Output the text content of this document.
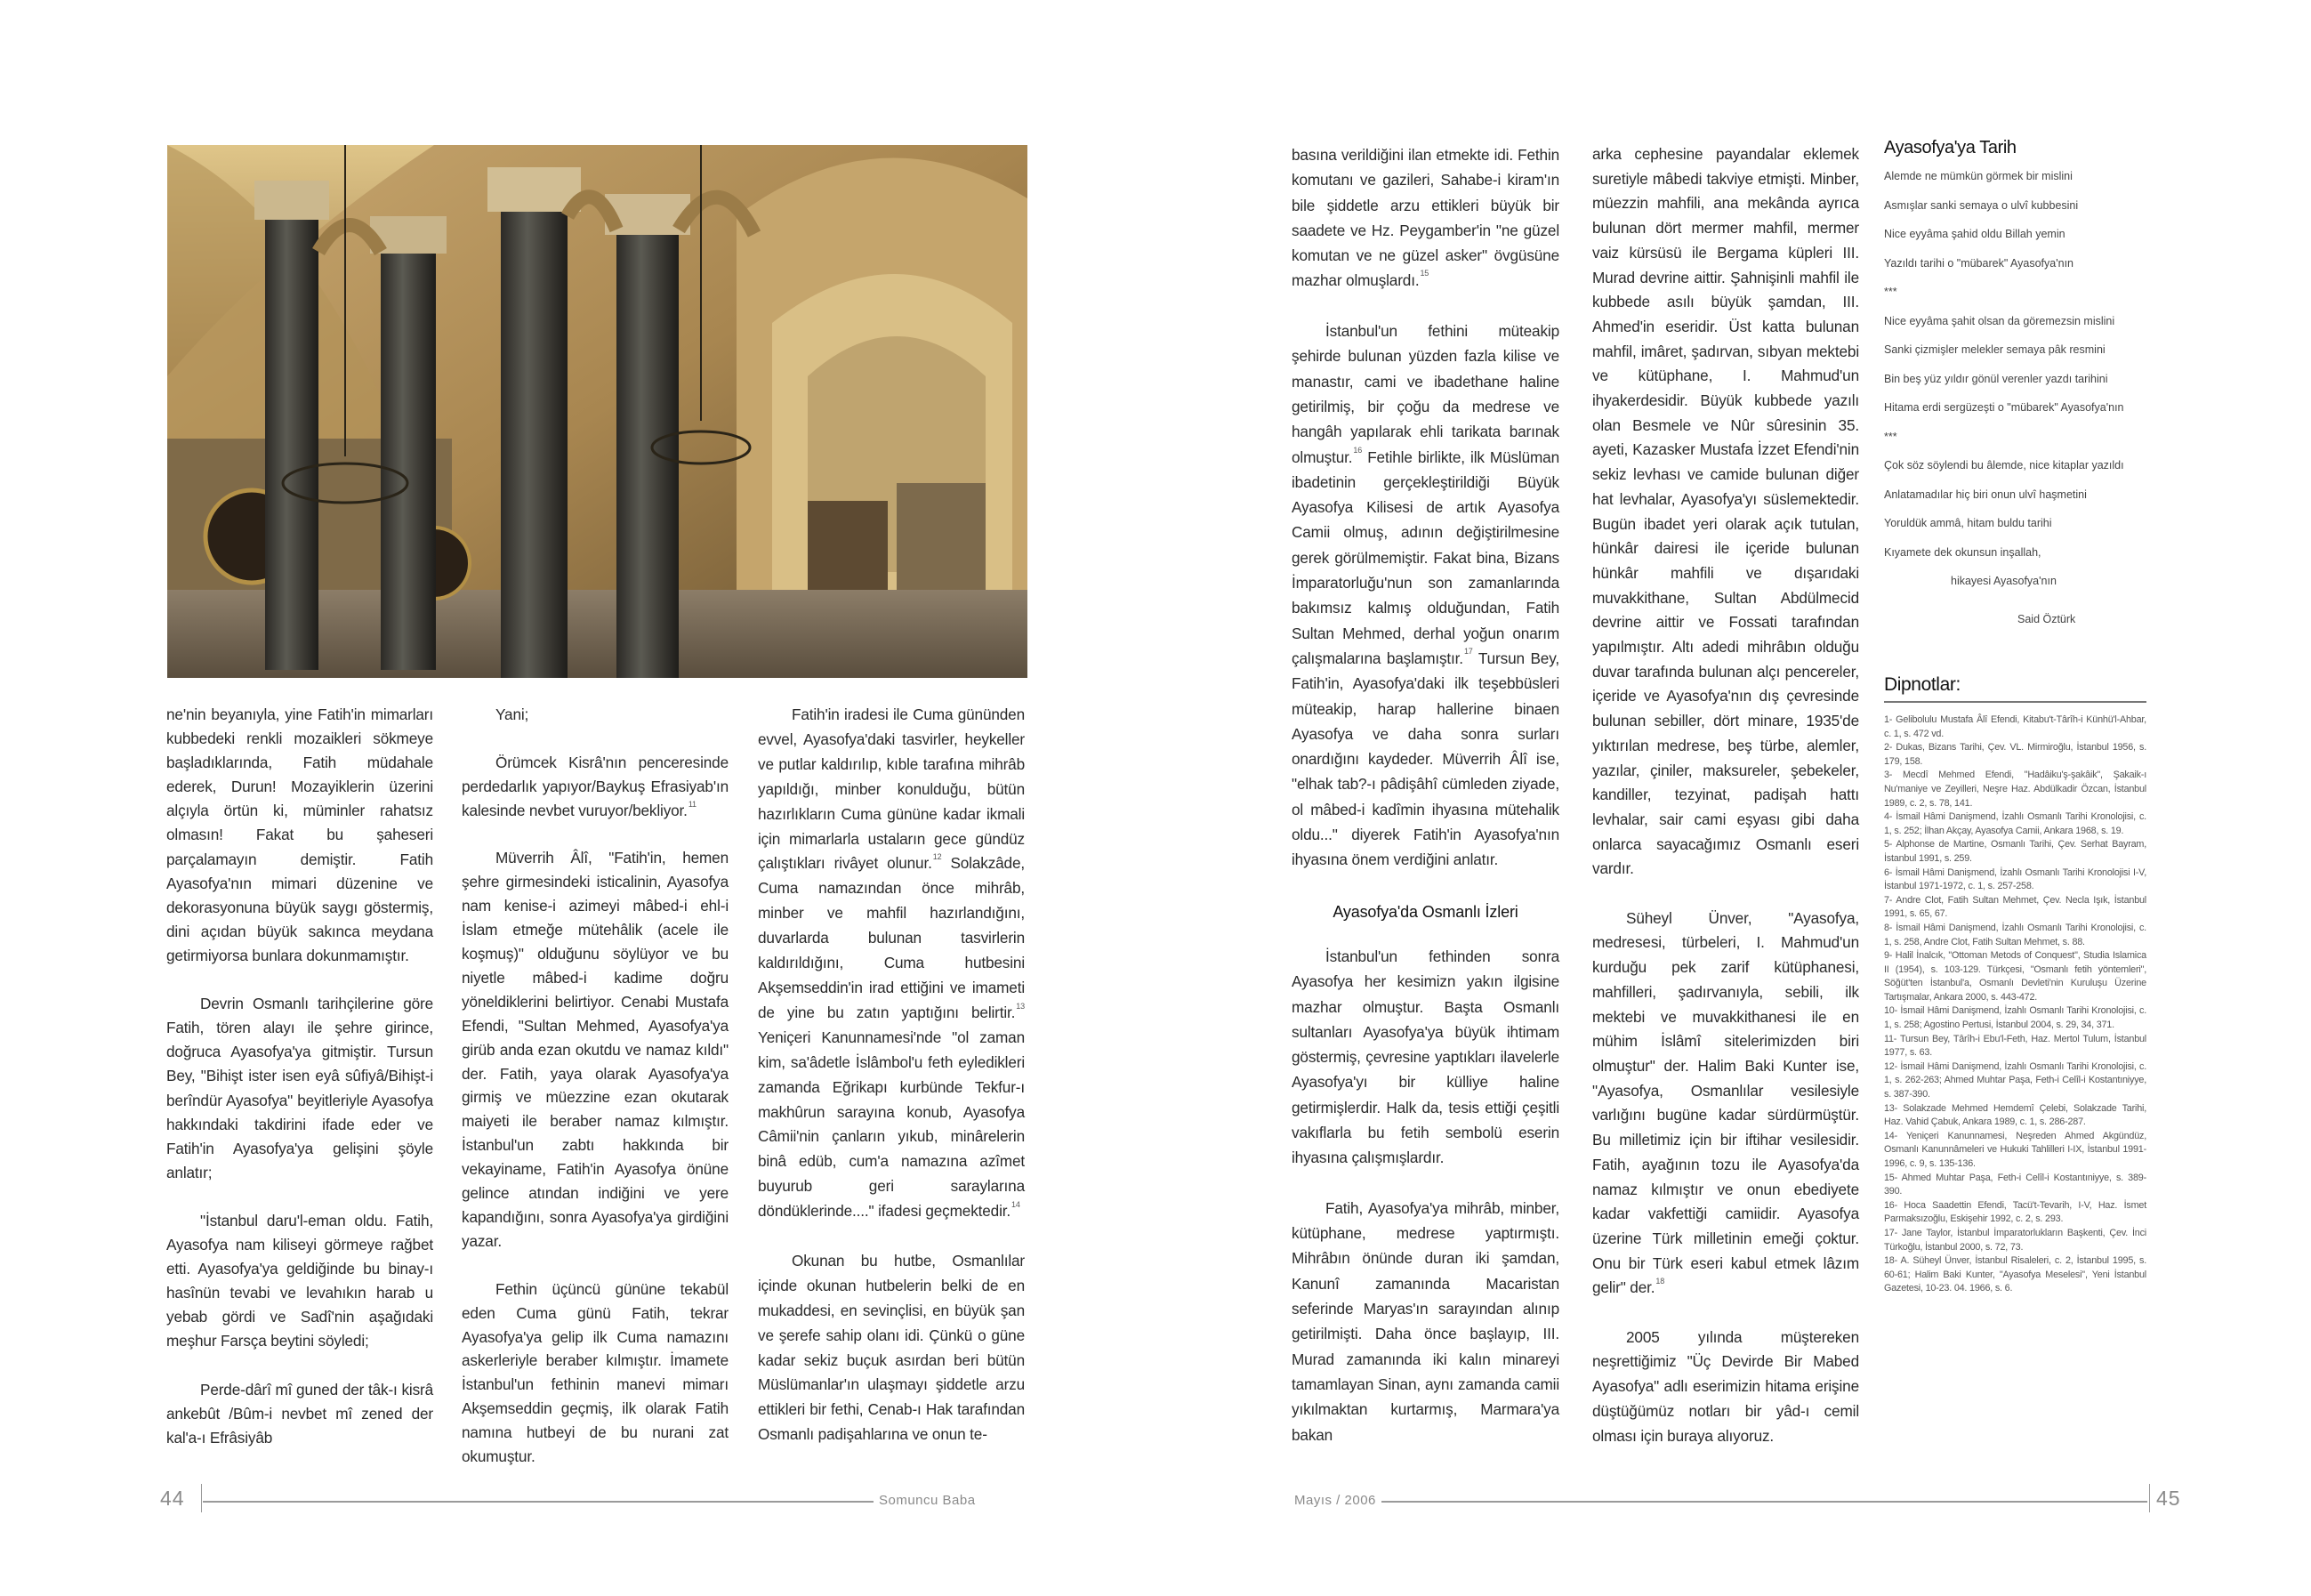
ne'nin beyanıyla, yine Fatih'in mimarları kubbedeki renkli mozaikleri sökmeye başladıklarında, Fatih müdahale ederek, Durun! Mozayiklerin üzerini alçıyla örtün ki, müminler rahatsız olmasın! Fakat bu şaheseri parçalamayın demiştir. Fatih Ayasofya'nın mimari düzenine ve dekorasyonuna büyük saygı göstermiş, dini açıdan büyük sakınca meydana getirmiyorsa bunlara dokunmamıştır.

Devrin Osmanlı tarihçilerine göre Fatih, tören alayı ile şehre girince, doğruca Ayasofya'ya gitmiştir. Tursun Bey, "Bihişt ister isen eyâ sûfiyâ/Bihişt-i berîndür Ayasofya" beyitleriyle Ayasofya hakkındaki takdirini ifade eder ve Fatih'in Ayasofya'ya gelişini şöyle anlatır;

"İstanbul daru'l-eman oldu. Fatih, Ayasofya nam kiliseyi görmeye rağbet etti. Ayasofya'ya geldiğinde bu binay-ı hasînün tevabi ve levahıkın harab u yebab gördi ve Sadî'nin aşağıdaki meşhur Farsça beytini söyledi;

Perde-dârî mî guned der tâk-ı kisrâ ankebût /Bûm-i nevbet mî zened der kal'a-ı Efrâsiyâb

Yani;

Örümcek Kisrâ'nın penceresinde perdedarlık yapıyor/Baykuş Efrasiyab'ın kalesinde nevbet vuruyor/bekliyor.$^{11}$

Müverrih Âlî, "Fatih'in, hemen şehre girmesindeki isticalinin, Ayasofya nam kenise-i azimeyi mâbed-i ehl-i İslam etmeğe mütehâlik (acele ile koşmuş)" olduğunu söylüyor ve bu niyetle mâbed-i kadime doğru yöneldiklerini belirtiyor. Cenabi Mustafa Efendi, "Sultan Mehmed, Ayasofya'ya girüb anda ezan okutdu ve namaz kıldı" der. Fatih, yaya olarak Ayasofya'ya girmiş ve müezzine ezan okutarak maiyeti ile beraber namaz kılmıştır. İstanbul'un zabtı hakkında bir vekayiname, Fatih'in Ayasofya önüne gelince atından indiğini ve yere kapandığını, sonra Ayasofya'ya girdiğini yazar.

Fethin üçüncü gününe tekabül eden Cuma günü Fatih, tekrar Ayasofya'ya gelip ilk Cuma namazını askerleriyle beraber kılmıştır. İmamete İstanbul'un fethinin manevi mimarı Akşemseddin geçmiş, ilk olarak Fatih namına hutbeyi de bu nurani zat okumuştur.

Fatih'in iradesi ile Cuma gününden evvel, Ayasofya'daki tasvirler, heykeller ve putlar kaldırılıp, kıble tarafına mihrâb yapıldığı, minber konulduğu, bütün hazırlıkların Cuma gününe kadar ikmali için mimarlarla ustaların gece gündüz çalıştıkları rivâyet olunur.$^{12}$ Solakzâde, Cuma namazından önce mihrâb, minber ve mahfil hazırlandığını, duvarlarda bulunan tasvirlerin kaldırıldığını, Cuma hutbesini Akşemseddin'in irad ettiğini ve imameti de yine bu zatın yaptığını belirtir.$^{13}$ Yeniçeri Kanunnamesi'nde "ol zaman kim, sa'âdetle İslâmbol'u feth eyledikleri zamanda Eğrikapı kurbünde Tekfur-ı makhûrun sarayına konub, Ayasofya Câmii'nin çanların yıkub, minârelerin binâ edüb, cum'a namazına azîmet buyurub geri saraylarına döndüklerinde...." ifadesi geçmektedir.$^{14}$

Okunan bu hutbe, Osmanlılar içinde okunan hutbelerin belki de en mukaddesi, en sevinçlisi, en büyük şan ve şerefe sahip olanı idi. Çünkü o güne kadar sekiz buçuk asırdan beri bütün Müslümanlar'ın ulaşmayı şiddetle arzu ettikleri bir fethi, Cenab-ı Hak tarafından Osmanlı padişahlarına ve onun te-

basına verildiğini ilan etmekte idi. Fethin komutanı ve gazileri, Sahabe-i kiram'ın bile şiddetle arzu ettikleri büyük bir saadete ve Hz. Peygamber'in "ne güzel komutan ve ne güzel asker" övgüsüne mazhar olmuşlardı.$^{15}$

İstanbul'un fethini müteakip şehirde bulunan yüzden fazla kilise ve manastır, cami ve ibadethane haline getirilmiş, bir çoğu da medrese ve hangâh yapılarak ehli tarikata barınak olmuştur.$^{16}$ Fetihle birlikte, ilk Müslüman ibadetinin gerçekleştirildiği Büyük Ayasofya Kilisesi de artık Ayasofya Camii olmuş, adının değiştirilmesine gerek görülmemiştir. Fakat bina, Bizans İmparatorluğu'nun son zamanlarında bakımsız kalmış olduğundan, Fatih Sultan Mehmed, derhal yoğun onarım çalışmalarına başlamıştır.$^{17}$ Tursun Bey, Fatih'in, Ayasofya'daki ilk teşebbüsleri müteakip, harap hallerine binaen Ayasofya ve daha sonra surları onardığını kaydeder. Müverrih Âlî ise, "elhak tab?-ı pâdişâhî cümleden ziyade, ol mâbed-i kadîmin ihyasına mütehalik oldu..." diyerek Fatih'in Ayasofya'nın ihyasına önem verdiğini anlatır.

Ayasofya'da Osmanlı İzleri

İstanbul'un fethinden sonra Ayasofya her kesimizn yakın ilgisine mazhar olmuştur. Başta Osmanlı sultanları Ayasofya'ya büyük ihtimam göstermiş, çevresine yaptıkları ilavelerle Ayasofya'yı bir külliye haline getirmişlerdir. Halk da, tesis ettiği çeşitli vakıflarla bu fetih sembolü eserin ihyasına çalışmışlardır.

Fatih, Ayasofya'ya mihrâb, minber, kütüphane, medrese yaptırmıştı. Mihrâbın önünde duran iki şamdan, Kanunî zamanında Macaristan seferinde Maryas'ın sarayından alınıp getirilmişti. Daha önce başlayıp, III. Murad zamanında iki kalın minareyi tamamlayan Sinan, aynı zamanda camii yıkılmaktan kurtarmış, Marmara'ya bakan

arka cephesine payandalar eklemek suretiyle mâbedi takviye etmişti. Minber, müezzin mahfili, ana mekânda ayrıca bulunan dört mermer mahfil, mermer vaiz kürsüsü ile Bergama küpleri III. Murad devrine aittir. Şahnişinli mahfil ile kubbede asılı büyük şamdan, III. Ahmed'in eseridir. Üst katta bulunan mahfil, imâret, şadırvan, sıbyan mektebi ve kütüphane, I. Mahmud'un ihyakerdesidir. Büyük kubbede yazılı olan Besmele ve Nûr sûresinin 35. ayeti, Kazasker Mustafa İzzet Efendi'nin sekiz levhası ve camide bulunan diğer hat levhalar, Ayasofya'yı süslemektedir. Bugün ibadet yeri olarak açık tutulan, hünkâr dairesi ile içeride bulunan hünkâr mahfili ve dışarıdaki muvakkithane, Sultan Abdülmecid devrine aittir ve Fossati tarafından yapılmıştır. Altı adedi mihrâbın olduğu duvar tarafında bulunan alçı pencereler, içeride ve Ayasofya'nın dış çevresinde bulunan sebiller, dört minare, 1935'de yıktırılan medrese, beş türbe, alemler, yazılar, çiniler, maksureler, şebekeler, kandiller, tezyinat, padişah hattı levhalar, sair cami eşyası gibi daha onlarca sayacağımız Osmanlı eseri vardır.

Süheyl Ünver, "Ayasofya, medresesi, türbeleri, I. Mahmud'un kurduğu pek zarif kütüphanesi, mahfilleri, şadırvanıyla, sebili, ilk mektebi ve muvakkithanesi ile en mühim İslâmî sitelerimizden biri olmuştur" der. Halim Baki Kunter ise, "Ayasofya, Osmanlılar vesilesiyle varlığını bugüne kadar sürdürmüştür. Bu milletimiz için bir iftihar vesilesidir. Fatih, ayağının tozu ile Ayasofya'da namaz kılmıştır ve onun ebediyete kadar vakfettiği camiidir. Ayasofya üzerine Türk milletinin emeği çoktur. Onu bir Türk eseri kabul etmek lâzım gelir" der.$^{18}$

2005 yılında müştereken neşrettiğimiz "Üç Devirde Bir Mabed Ayasofya" adlı eserimizin hitama erişine düştüğümüz notları bir yâd-ı cemil olması için buraya alıyoruz.

Ayasofya'ya Tarih
Alemde ne mümkün görmek bir mislini
Asmışlar sanki semaya o ulvî kubbesini
Nice eyyâma şahid oldu Billah yemin
Yazıldı tarihi o "mübarek" Ayasofya'nın
***
Nice eyyâma şahit olsan da göremezsin mislini
Sanki çizmişler melekler semaya pâk resmini
Bin beş yüz yıldır gönül verenler yazdı tarihini
Hitama erdi sergüzeşti o "mübarek" Ayasofya'nın
***
Çok söz söylendi bu âlemde, nice kitaplar yazıldı
Anlatamadılar hiç biri onun ulvî haşmetini
Yoruldük ammâ, hitam buldu tarihi
Kıyamete dek okunsun inşallah,
hikayesi Ayasofya'nın
Said Öztürk
Dipnotlar:
1- Gelibolulu Mustafa Âlî Efendi, Kitabu't-Târîh-i Künhü'l-Ahbar, c. 1, s. 472 vd.
2- Dukas, Bizans Tarihi, Çev. VL. Mirmiroğlu, İstanbul 1956, s. 179, 158.
3- Mecdî Mehmed Efendi, "Hadâiku'ş-şakâik", Şakaik-ı Nu'maniye ve Zeyilleri, Neşre Haz. Abdülkadir Özcan, İstanbul 1989, c. 2, s. 78, 141.
4- İsmail Hâmi Danişmend, İzahlı Osmanlı Tarihi Kronolojisi, c. 1, s. 252; İlhan Akçay, Ayasofya Camii, Ankara 1968, s. 19.
5- Alphonse de Martine, Osmanlı Tarihi, Çev. Serhat Bayram, İstanbul 1991, s. 259.
6- İsmail Hâmi Danişmend, İzahlı Osmanlı Tarihi Kronolojisi I-V, İstanbul 1971-1972, c. 1, s. 257-258.
7- Andre Clot, Fatih Sultan Mehmet, Çev. Necla Işık, İstanbul 1991, s. 65, 67.
8- İsmail Hâmi Danişmend, İzahlı Osmanlı Tarihi Kronolojisi, c. 1, s. 258, Andre Clot, Fatih Sultan Mehmet, s. 88.
9- Halil İnalcık, "Ottoman Metods of Conquest", Studia Islamica II (1954), s. 103-129. Türkçesi, "Osmanlı fetih yöntemleri", Söğüt'ten İstanbul'a, Osmanlı Devleti'nin Kuruluşu Üzerine Tartışmalar, Ankara 2000, s. 443-472.
10- İsmail Hâmi Danişmend, İzahlı Osmanlı Tarihi Kronolojisi, c. 1, s. 258; Agostino Pertusi, İstanbul 2004, s. 29, 34, 371.
11- Tursun Bey, Târîh-i Ebu'l-Feth, Haz. Mertol Tulum, İstanbul 1977, s. 63.
12- İsmail Hâmi Danişmend, İzahlı Osmanlı Tarihi Kronolojisi, c. 1, s. 262-263; Ahmed Muhtar Paşa, Feth-i Celîl-i Kostantıniyye, s. 387-390.
13- Solakzade Mehmed Hemdemî Çelebi, Solakzade Tarihi, Haz. Vahid Çabuk, Ankara 1989, c. 1, s. 286-287.
14- Yeniçeri Kanunnamesi, Neşreden Ahmed Akgündüz, Osmanlı Kanunnâmeleri ve Hukuki Tahlilleri I-IX, İstanbul 1991-1996, c. 9, s. 135-136.
15- Ahmed Muhtar Paşa, Feth-i Celîl-i Kostantıniyye, s. 389-390.
16- Hoca Saadettin Efendi, Tacü't-Tevarih, I-V, Haz. İsmet Parmaksızoğlu, Eskişehir 1992, c. 2, s. 293.
17- Jane Taylor, İstanbul İmparatorlukların Başkenti, Çev. İnci Türkoğlu, İstanbul 2000, s. 72, 73.
18- A. Süheyl Ünver, İstanbul Risaleleri, c. 2, İstanbul 1995, s. 60-61; Halim Baki Kunter, "Ayasofya Meselesi", Yeni İstanbul Gazetesi, 10-23. 04. 1966, s. 6.
44	Somuncu Baba	Mayıs / 2006	45
